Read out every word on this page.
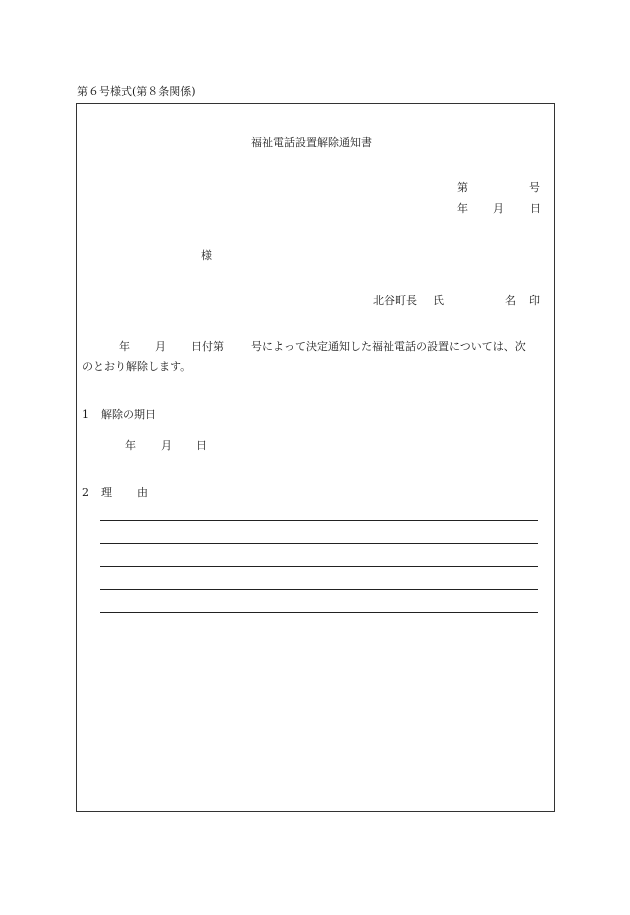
第６号様式(第８条関係)
福祉電話設置解除通知書
第	号
年 月 日
様
北谷町長 氏	名 印
年 月 日付第 号によって決定通知した福祉電話の設置については、次
のとおり解除します。
1 解除の期日
年 月 日
2 理 由
